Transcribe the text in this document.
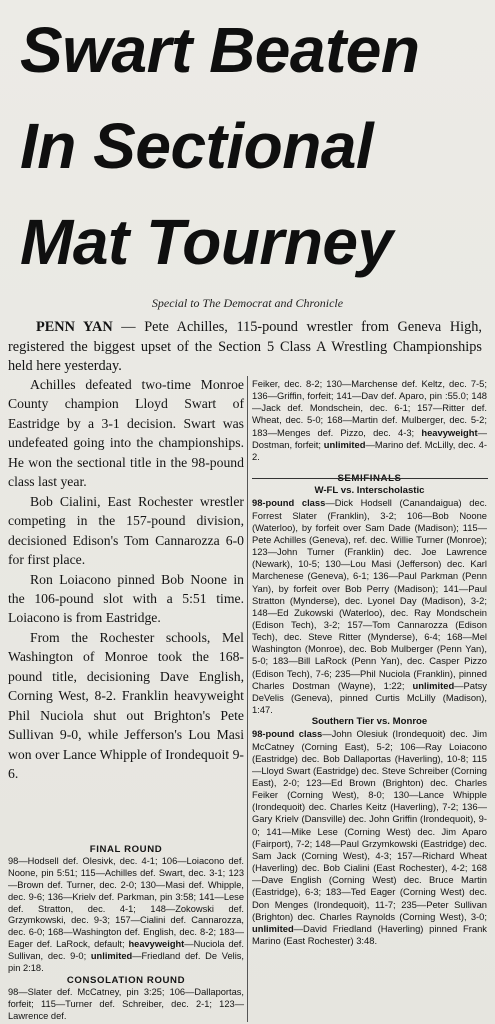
Swart Beaten
In Sectional
Mat Tourney
Special to The Democrat and Chronicle
PENN YAN — Pete Achilles, 115-pound wrestler from Geneva High, registered the biggest upset of the Section 5 Class A Wrestling Championships held here yesterday.

Achilles defeated two-time Monroe County champion Lloyd Swart of Eastridge by a 3-1 decision. Swart was undefeated going into the championships. He won the sectional title in the 98-pound class last year.

Bob Cialini, East Rochester wrestler competing in the 157-pound division, decisioned Edison's Tom Cannarozza 6-0 for first place.

Ron Loiacono pinned Bob Noone in the 106-pound slot with a 5:51 time. Loiacono is from Eastridge.

From the Rochester schools, Mel Washington of Monroe took the 168-pound title, decisioning Dave English, Corning West, 8-2. Franklin heavyweight Phil Nuciola shut out Brighton's Pete Sullivan 9-0, while Jefferson's Lou Masi won over Lance Whipple of Irondequoit 9-6.

FINAL ROUND

98—Hodsell def. Olesivk, dec. 4-1; 106—Loiacono def. Noone, pin 5:51; 115—Achilles def. Swart, dec. 3-1; 123—Brown def. Turner, dec. 2-0; 130—Masi def. Whipple, dec. 9-6; 136—Krielv def. Parkman, pin 3:58; 141—Lese def. Stratton, dec. 4-1; 148—Zokowski def. Grzymkowski, dec. 9-3; 157—Cialini def. Cannarozza, dec. 6-0; 168—Washington def. English, dec. 8-2; 183—Eager def. LaRock, default; heavyweight—Nuciola def. Sullivan, dec. 9-0; unlimited—Friedland def. De Velis, pin 2:18.

CONSOLATION ROUND

98—Slater def. McCatney, pin 3:25; 106—Dallaportas, forfeit; 115—Turner def. Schreiber, dec. 2-1; 123—Lawrence def.

Feiker, dec. 8-2; 130—Marchense def. Keltz, dec. 7-5; 136—Griffin, forfeit; 141—Dav def. Aparo, pin :55.0; 148—Jack def. Mondschein, dec. 6-1; 157—Ritter def. Wheat, dec. 5-0; 168—Martin def. Mulberger, dec. 5-2; 183—Menges def. Pizzo, dec. 4-3; heavyweight—Dostman, forfeit; unlimited—Marino def. McLilly, dec. 4-2.

W-FL vs. Interscholastic

98-pound class—Dick Hodsell (Canandaigua) dec. Forrest Slater (Franklin), 3-2; 106—Bob Noone (Waterloo), by forfeit over Sam Dade (Madison); 115—Pete Achilles (Geneva), ref. dec. Willie Turner (Monroe); 123—John Turner (Franklin) dec. Joe Lawrence (Newark), 10-5; 130—Lou Masi (Jefferson) dec. Karl Marchenese (Geneva), 6-1; 136—Paul Parkman (Penn Yan), by forfeit over Bob Perry (Madison); 141—Paul Stratton (Mynderse), dec. Lyonel Day (Madison), 3-2; 148—Ed Zukowski (Waterloo), dec. Ray Mondschein (Edison Tech), 3-2; 157—Tom Cannarozza (Edison Tech), dec. Steve Ritter (Mynderse), 6-4; 168—Mel Washington (Monroe), dec. Bob Mulberger (Penn Yan), 5-0; 183—Bill LaRock (Penn Yan), dec. Casper Pizzo (Edison Tech), 7-6; 235—Phil Nuciola (Franklin), pinned Charles Dostman (Wayne), 1:22; unlimited—Patsy DeVelis (Geneva), pinned Curtis McLilly (Madison), 1:47.

Southern Tier vs. Monroe

98-pound class—John Olesiuk (Irondequoit) dec. Jim McCatney (Corning East), 5-2; 106—Ray Loiacono (Eastridge) dec. Bob Dallaportas (Haverling), 10-8; 115—Lloyd Swart (Eastridge) dec. Steve Schreiber (Corning East), 2-0; 123—Ed Brown (Brighton) dec. Charles Feiker (Corning West), 8-0; 130—Lance Whipple (Irondequoit) dec. Charles Keitz (Haverling), 7-2; 136—Gary Krielv (Dansville) dec. John Griffin (Irondequoit), 9-0; 141—Mike Lese (Corning West) dec. Jim Aparo (Fairport), 7-2; 148—Paul Grzymkowski (Eastridge) dec. Sam Jack (Corning West), 4-3; 157—Richard Wheat (Haverling) dec. Bob Cialini (East Rochester), 4-2; 168—Dave English (Corning West) dec. Bruce Martin (Eastridge), 6-3; 183—Ted Eager (Corning West) dec. Don Menges (Irondequoit), 11-7; 235—Peter Sullivan (Brighton) dec. Charles Raynolds (Corning West), 3-0; unlimited—David Friedland (Haverling) pinned Frank Marino (East Rochester) 3:48.
